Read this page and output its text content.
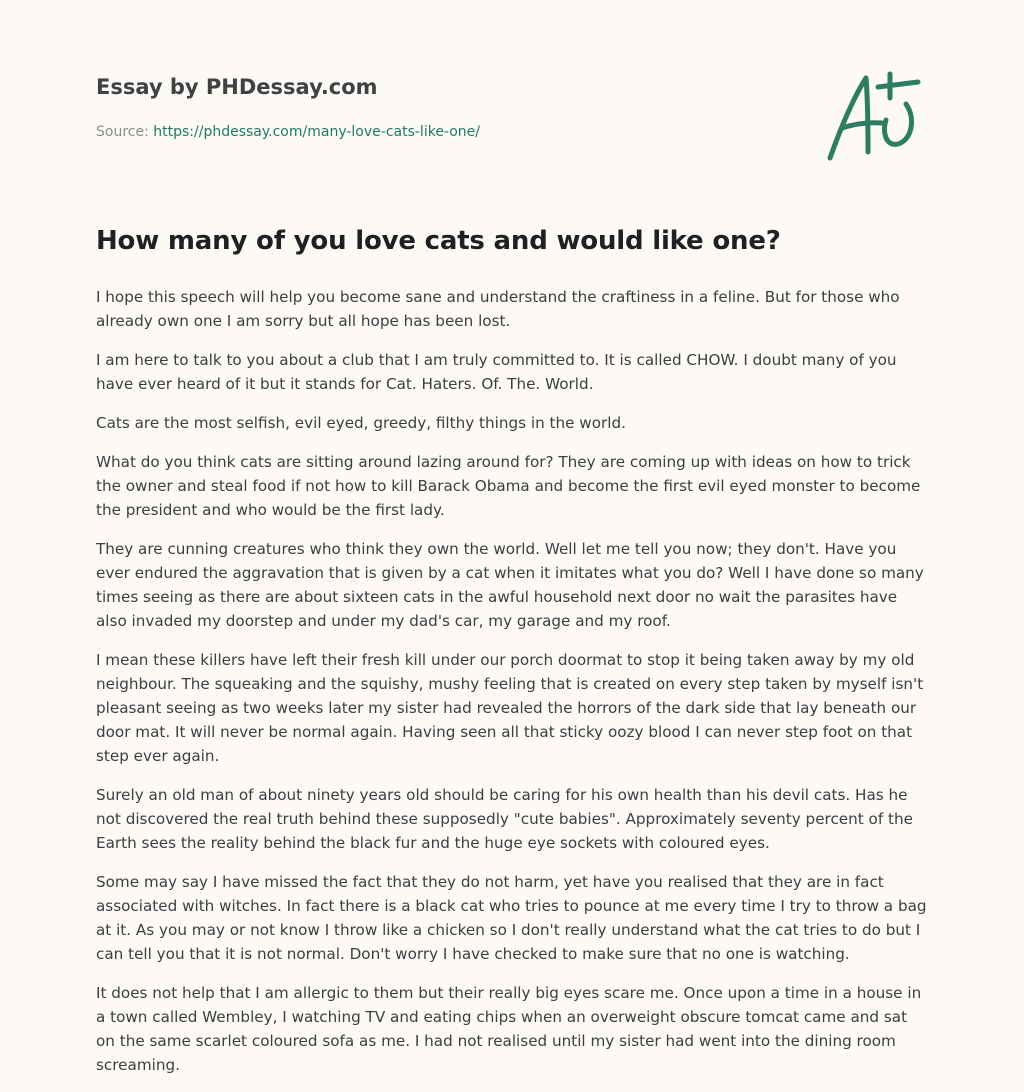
Essay by PHDessay.com
Source: https://phdessay.com/many-love-cats-like-one/
How many of you love cats and would like one?

I hope this speech will help you become sane and understand the craftiness in a feline. But for those who already own one I am sorry but all hope has been lost.

I am here to talk to you about a club that I am truly committed to. It is called CHOW. I doubt many of you have ever heard of it but it stands for Cat. Haters. Of. The. World.

Cats are the most selfish, evil eyed, greedy, filthy things in the world.

What do you think cats are sitting around lazing around for? They are coming up with ideas on how to trick the owner and steal food if not how to kill Barack Obama and become the first evil eyed monster to become the president and who would be the first lady.

They are cunning creatures who think they own the world. Well let me tell you now; they don't. Have you ever endured the aggravation that is given by a cat when it imitates what you do? Well I have done so many times seeing as there are about sixteen cats in the awful household next door no wait the parasites have also invaded my doorstep and under my dad's car, my garage and my roof.

I mean these killers have left their fresh kill under our porch doormat to stop it being taken away by my old neighbour. The squeaking and the squishy, mushy feeling that is created on every step taken by myself isn't pleasant seeing as two weeks later my sister had revealed the horrors of the dark side that lay beneath our door mat. It will never be normal again. Having seen all that sticky oozy blood I can never step foot on that step ever again.

Surely an old man of about ninety years old should be caring for his own health than his devil cats. Has he not discovered the real truth behind these supposedly "cute babies". Approximately seventy percent of the Earth sees the reality behind the black fur and the huge eye sockets with coloured eyes.

Some may say I have missed the fact that they do not harm, yet have you realised that they are in fact associated with witches. In fact there is a black cat who tries to pounce at me every time I try to throw a bag at it. As you may or not know I throw like a chicken so I don't really understand what the cat tries to do but I can tell you that it is not normal. Don't worry I have checked to make sure that no one is watching.

It does not help that I am allergic to them but their really big eyes scare me. Once upon a time in a house in a town called Wembley, I watching TV and eating chips when an overweight obscure tomcat came and sat on the same scarlet coloured sofa as me. I had not realised until my sister had went into the dining room screaming.
